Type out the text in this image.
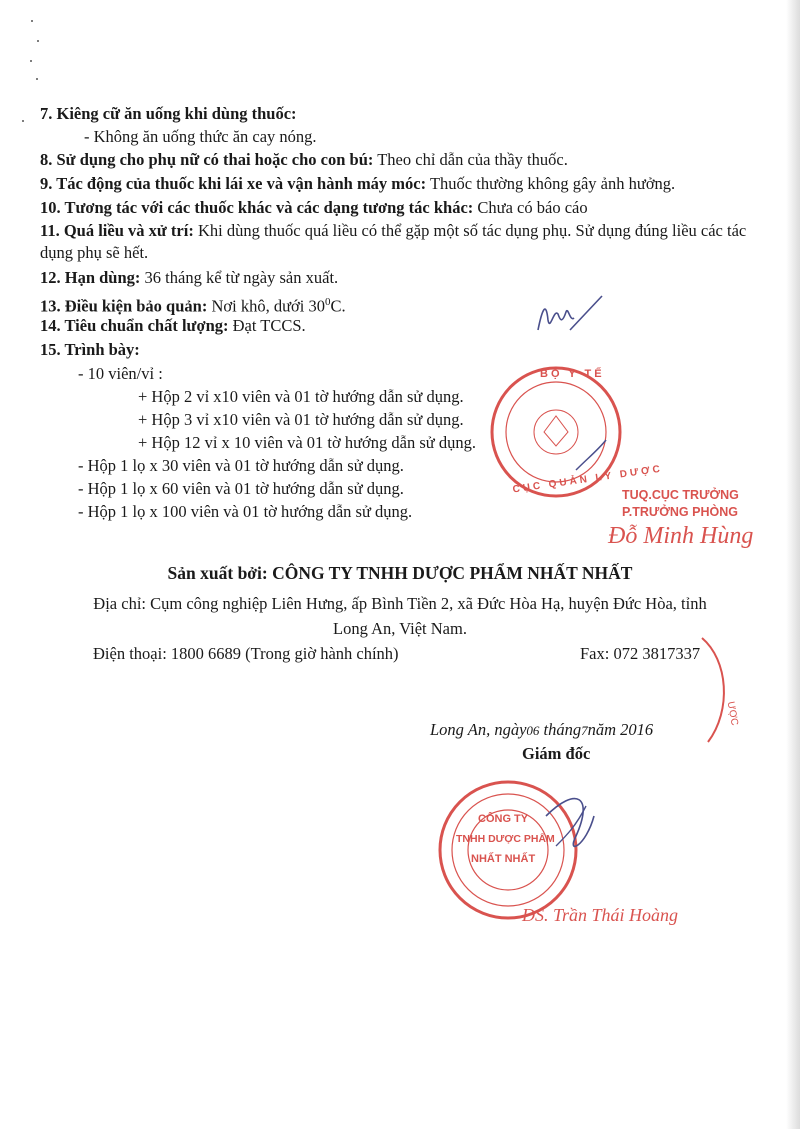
7. Kiêng cữ ăn uống khi dùng thuốc:
- Không ăn uống thức ăn cay nóng.
8. Sử dụng cho phụ nữ có thai hoặc cho con bú: Theo chỉ dẫn của thầy thuốc.
9. Tác động của thuốc khi lái xe và vận hành máy móc: Thuốc thường không gây ảnh hưởng.
10. Tương tác với các thuốc khác và các dạng tương tác khác: Chưa có báo cáo
11. Quá liều và xử trí: Khi dùng thuốc quá liều có thể gặp một số tác dụng phụ. Sử dụng đúng liều các tác dụng phụ sẽ hết.
12. Hạn dùng: 36 tháng kể từ ngày sản xuất.
13. Điều kiện bảo quản: Nơi khô, dưới $30^0C$.
14. Tiêu chuẩn chất lượng: Đạt TCCS.
15. Trình bày:
- 10 viên/vỉ :
+ Hộp 2 vỉ x10 viên và 01 tờ hướng dẫn sử dụng.
+ Hộp 3 vỉ x10 viên và 01 tờ hướng dẫn sử dụng.
+ Hộp 12 vỉ x 10 viên và 01 tờ hướng dẫn sử dụng.
- Hộp 1 lọ x 30 viên và 01 tờ hướng dẫn sử dụng.
- Hộp 1 lọ x 60 viên và 01 tờ hướng dẫn sử dụng.
- Hộp 1 lọ x 100 viên và 01 tờ hướng dẫn sử dụng.
BỘ Y TẾ
CỤC QUẢN LÝ DƯỢC
TUQ.CỤC TRƯỞNG
P.TRƯỞNG PHÒNG
Đỗ Minh Hùng
Sản xuất bởi: CÔNG TY TNHH DƯỢC PHẨM NHẤT NHẤT
Địa chỉ: Cụm công nghiệp Liên Hưng, ấp Bình Tiền 2, xã Đức Hòa Hạ, huyện Đức Hòa, tỉnh
Long An, Việt Nam.
Điện thoại: 1800 6689 (Trong giờ hành chính)	Fax: 072 3817337
ƯỢC
Long An, ngày06 tháng7năm 2016
Giám đốc
CÔNG TY
TNHH DƯỢC PHẨM
NHẤT NHẤT
DS. Trần Thái Hoàng
